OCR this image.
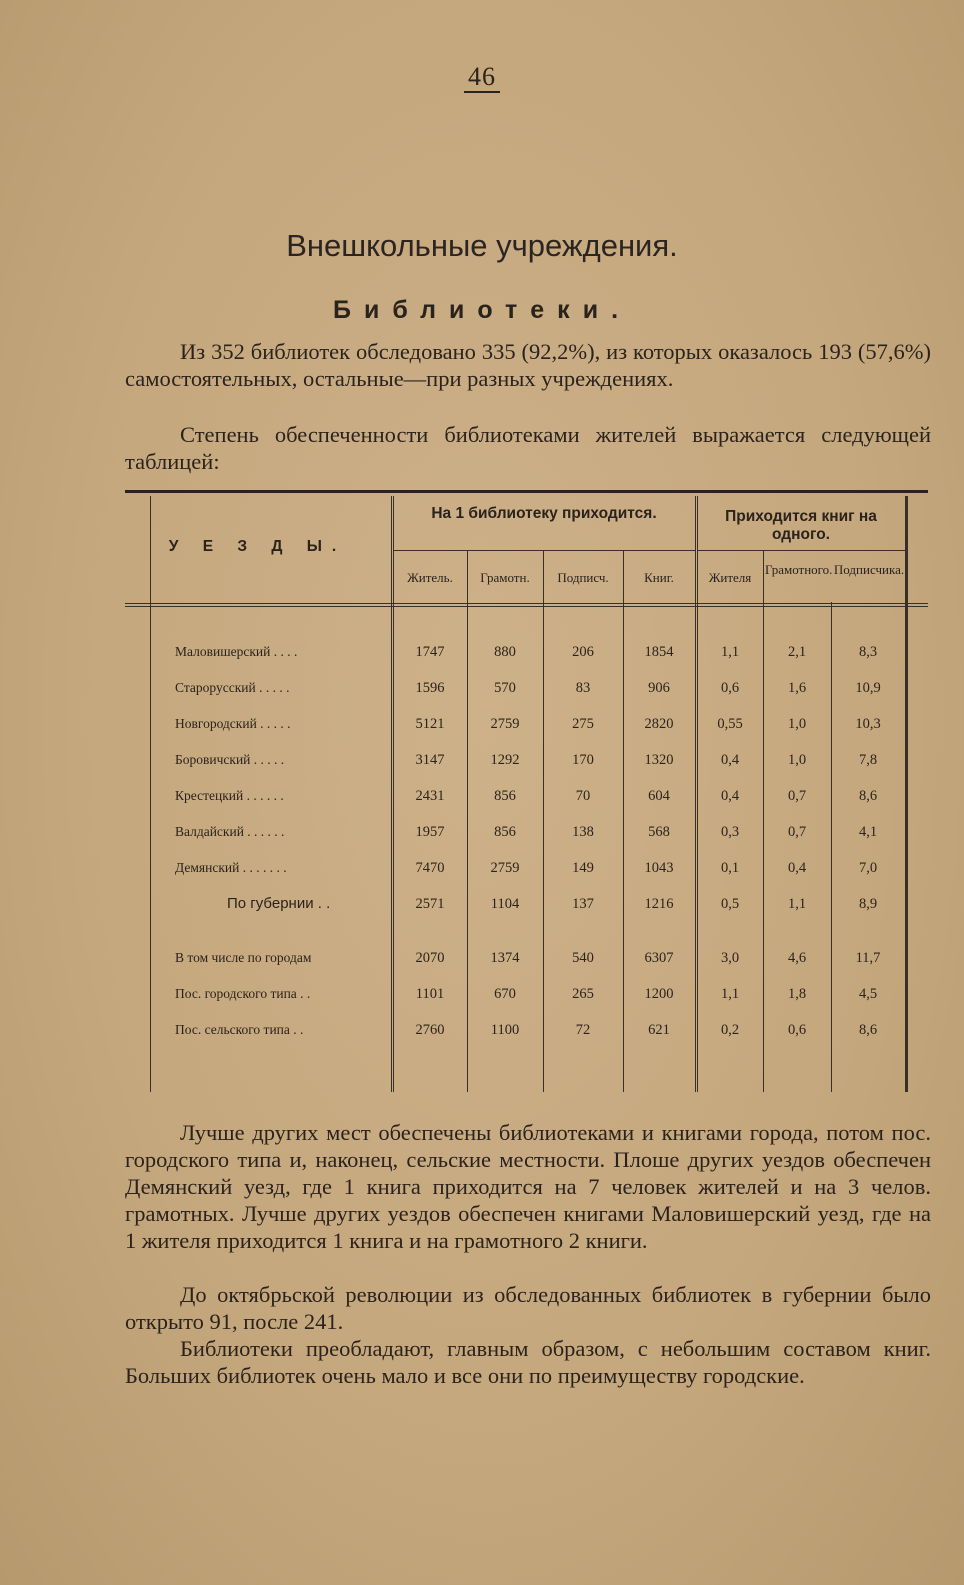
46
Внешкольные учреждения.
Библиотеки.

Из 352 библиотек обследовано 335 (92,2%), из которых оказалось 193 (57,6%) самостоятельных, остальные—при разных учреждениях.

Степень обеспеченности библиотеками жителей выражается следующей таблицей:

У Е З Д Ы.
На 1 библиотеку приходится.	Приходится книг на одного.
Житель.	Грамотн.	Подписч.	Книг.	Жителя
Грамотного. Подписчика.
Маловишерский . . . .	1747	880	206	1854	1,1	2,1	8,3
Старорусский . . . . .	1596	570	83	906	0,6	1,6	10,9
Новгородский . . . . .	5121	2759	275	2820	0,55	1,0	10,3
Боровичский . . . . .	3147	1292	170	1320	0,4	1,0	7,8
Крестецкий . . . . . .	2431	856	70	604	0,4	0,7	8,6
Валдайский . . . . . .	1957	856	138	568	0,3	0,7	4,1
Демянский . . . . . . .	7470	2759	149	1043	0,1	0,4	7,0
По губернии . .	2571	1104	137	1216	0,5	1,1	8,9
В том числе по городам	2070	1374	540	6307	3,0	4,6	11,7
Пос. городского типа . .	1101	670	265	1200	1,1	1,8	4,5
Пос. сельского типа . .	2760	1100	72	621	0,2	0,6	8,6

Лучше других мест обеспечены библиотеками и книгами города, потом пос. городского типа и, наконец, сельские местности. Плоше других уездов обеспечен Демянский уезд, где 1 книга приходится на 7 человек жителей и на 3 челов. грамотных. Лучше других уездов обеспечен книгами Маловишерский уезд, где на 1 жителя приходится 1 книга и на грамотного 2 книги.

До октябрьской революции из обследованных библиотек в губернии было открыто 91, после 241.

Библиотеки преобладают, главным образом, с небольшим составом книг. Больших библиотек очень мало и все они по преимуществу городские.
